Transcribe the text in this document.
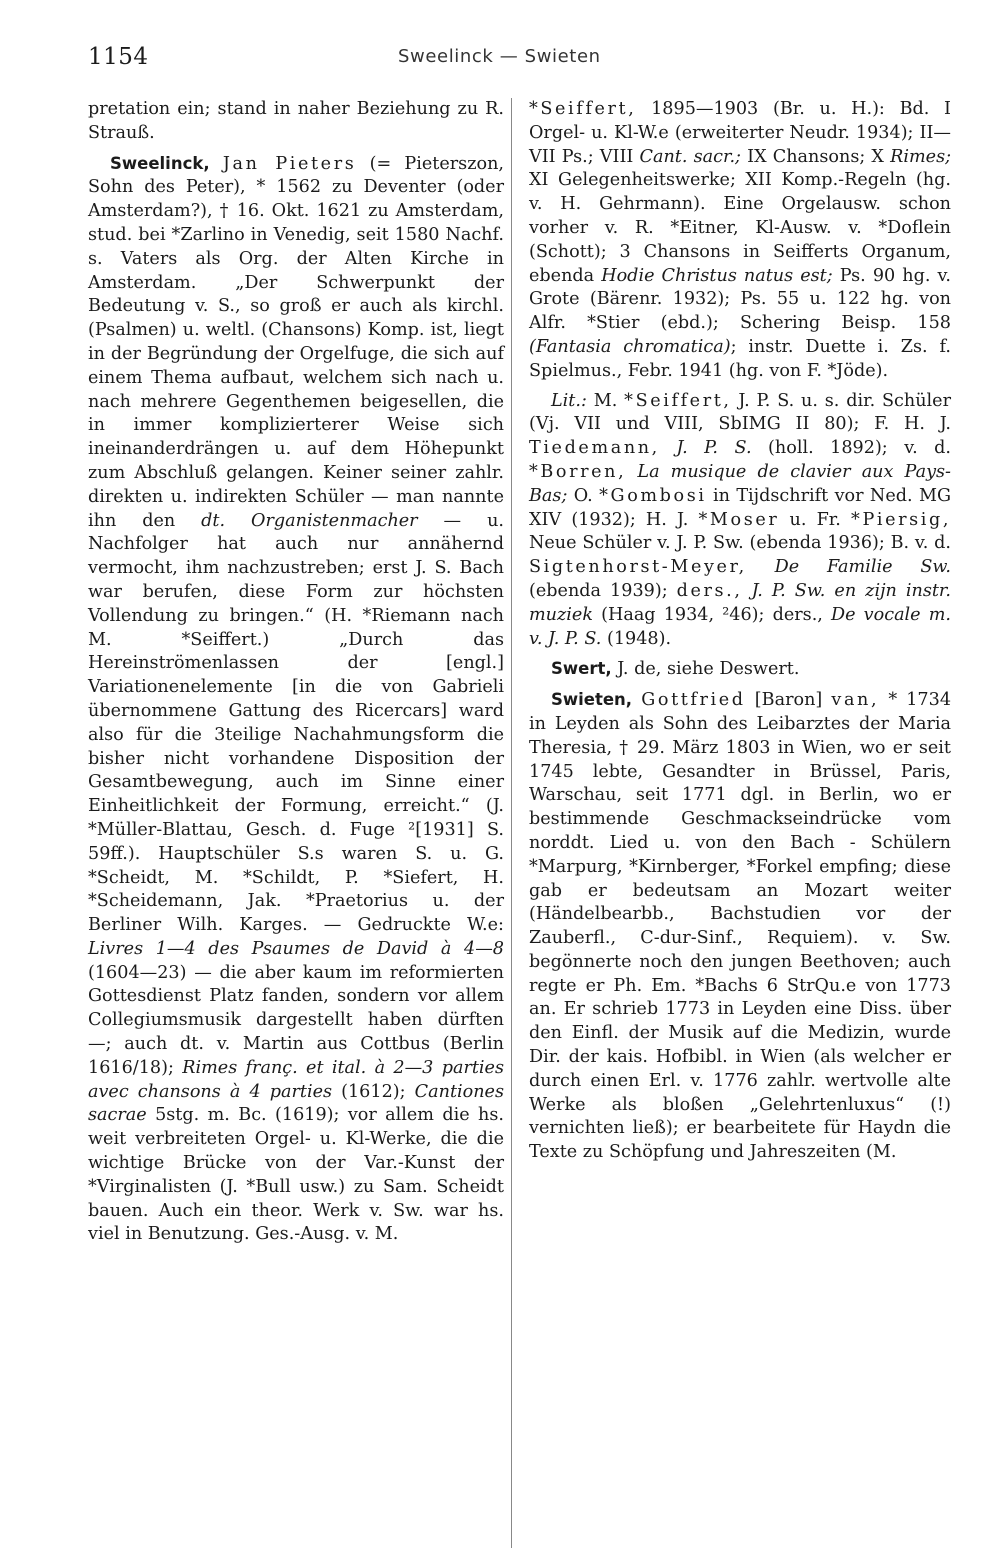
1154	Sweelinck — Swieten

pretation ein; stand in naher Beziehung zu R. Strauß.

Sweelinck, Jan Pieters (= Pieterszon, Sohn des Peter), * 1562 zu Deventer (oder Amsterdam?), † 16. Okt. 1621 zu Amsterdam, stud. bei *Zarlino in Venedig, seit 1580 Nachf. s. Vaters als Org. der Alten Kirche in Amsterdam. „Der Schwerpunkt der Bedeutung v. S., so groß er auch als kirchl. (Psalmen) u. weltl. (Chansons) Komp. ist, liegt in der Begründung der Orgelfuge, die sich auf einem Thema aufbaut, welchem sich nach u. nach mehrere Gegenthemen beigesellen, die in immer komplizierterer Weise sich ineinanderdrängen u. auf dem Höhepunkt zum Abschluß gelangen. Keiner seiner zahlr. direkten u. indirekten Schüler — man nannte ihn den dt. Organistenmacher — u. Nachfolger hat auch nur annähernd vermocht, ihm nachzustreben; erst J. S. Bach war berufen, diese Form zur höchsten Vollendung zu bringen.“ (H. *Riemann nach M. *Seiffert.) „Durch das Hereinströmenlassen der [engl.] Variationenelemente [in die von Gabrieli übernommene Gattung des Ricercars] ward also für die 3teilige Nachahmungsform die bisher nicht vorhandene Disposition der Gesamtbewegung, auch im Sinne einer Einheitlichkeit der Formung, erreicht.“ (J. *Müller-Blattau, Gesch. d. Fuge ²[1931] S. 59ff.). Hauptschüler S.s waren S. u. G. *Scheidt, M. *Schildt, P. *Siefert, H. *Scheidemann, Jak. *Praetorius u. der Berliner Wilh. Karges. — Gedruckte W.e: Livres 1—4 des Psaumes de David à 4—8 (1604—23) — die aber kaum im reformierten Gottesdienst Platz fanden, sondern vor allem Collegiumsmusik dargestellt haben dürften —; auch dt. v. Martin aus Cottbus (Berlin 1616/18); Rimes franç. et ital. à 2—3 parties avec chansons à 4 parties (1612); Cantiones sacrae 5stg. m. Bc. (1619); vor allem die hs. weit verbreiteten Orgel- u. Kl-Werke, die die wichtige Brücke von der Var.-Kunst der *Virginalisten (J. *Bull usw.) zu Sam. Scheidt bauen. Auch ein theor. Werk v. Sw. war hs. viel in Benutzung. Ges.-Ausg. v. M.

*Seiffert, 1895—1903 (Br. u. H.): Bd. I Orgel- u. Kl-W.e (erweiterter Neudr. 1934); II—VII Ps.; VIII Cant. sacr.; IX Chansons; X Rimes; XI Gelegenheitswerke; XII Komp.-Regeln (hg. v. H. Gehrmann). Eine Orgelausw. schon vorher v. R. *Eitner, Kl-Ausw. v. *Doflein (Schott); 3 Chansons in Seifferts Organum, ebenda Hodie Christus natus est; Ps. 90 hg. v. Grote (Bärenr. 1932); Ps. 55 u. 122 hg. von Alfr. *Stier (ebd.); Schering Beisp. 158 (Fantasia chromatica); instr. Duette i. Zs. f. Spielmus., Febr. 1941 (hg. von F. *Jöde).

Lit.: M. *Seiffert, J. P. S. u. s. dir. Schüler (Vj. VII und VIII, SbIMG II 80); F. H. J. Tiedemann, J. P. S. (holl. 1892); v. d. *Borren, La musique de clavier aux Pays-Bas; O. *Gombosi in Tijdschrift vor Ned. MG XIV (1932); H. J. *Moser u. Fr. *Piersig, Neue Schüler v. J. P. Sw. (ebenda 1936); B. v. d. Sigtenhorst-Meyer, De Familie Sw. (ebenda 1939); ders., J. P. Sw. en zijn instr. muziek (Haag 1934, ²46); ders., De vocale m. v. J. P. S. (1948).

Swert, J. de, siehe Deswert.

Swieten, Gottfried [Baron] van, * 1734 in Leyden als Sohn des Leibarztes der Maria Theresia, † 29. März 1803 in Wien, wo er seit 1745 lebte, Gesandter in Brüssel, Paris, Warschau, seit 1771 dgl. in Berlin, wo er bestimmende Geschmackseindrücke vom norddt. Lied u. von den Bach - Schülern *Marpurg, *Kirnberger, *Forkel empfing; diese gab er bedeutsam an Mozart weiter (Händelbearbb., Bachstudien vor der Zauberfl., C-dur-Sinf., Requiem). v. Sw. begönnerte noch den jungen Beethoven; auch regte er Ph. Em. *Bachs 6 StrQu.e von 1773 an. Er schrieb 1773 in Leyden eine Diss. über den Einfl. der Musik auf die Medizin, wurde Dir. der kais. Hofbibl. in Wien (als welcher er durch einen Erl. v. 1776 zahlr. wertvolle alte Werke als bloßen „Gelehrtenluxus“ (!) vernichten ließ); er bearbeitete für Haydn die Texte zu Schöpfung und Jahreszeiten (M.
